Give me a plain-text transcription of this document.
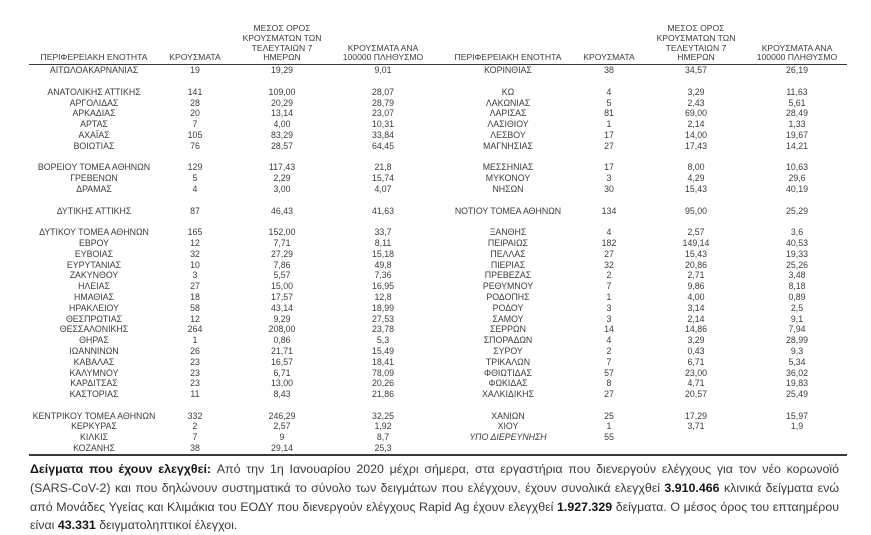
ΠΕΡΙΦΕΡΕΙΑΚΗ ΕΝΟΤΗΤΑ	ΚΡΟΥΣΜΑΤΑ	ΜΕΣΟΣ ΟΡΟΣ ΚΡΟΥΣΜΑΤΩΝ ΤΩΝ ΤΕΛΕΥΤΑΙΩΝ 7 ΗΜΕΡΩΝ	ΚΡΟΥΣΜΑΤΑ ΑΝΑ 100000 ΠΛΗΘΥΣΜΟ		ΠΕΡΙΦΕΡΕΙΑΚΗ ΕΝΟΤΗΤΑ	ΚΡΟΥΣΜΑΤΑ	ΜΕΣΟΣ ΟΡΟΣ ΚΡΟΥΣΜΑΤΩΝ ΤΩΝ ΤΕΛΕΥΤΑΙΩΝ 7 ΗΜΕΡΩΝ	ΚΡΟΥΣΜΑΤΑ ΑΝΑ 100000 ΠΛΗΘΥΣΜΟ
ΑΙΤΩΛΟΑΚΑΡΝΑΝΙΑΣ	19	19,29	9,01		ΚΟΡΙΝΘΙΑΣ	38	34,57	26,19

ΑΝΑΤΟΛΙΚΗΣ ΑΤΤΙΚΗΣ	141	109,00	28,07		ΚΩ	4	3,29	11,63
ΑΡΓΟΛΙΔΑΣ	28	20,29	28,79		ΛΑΚΩΝΙΑΣ	5	2,43	5,61
ΑΡΚΑΔΙΑΣ	20	13,14	23,07		ΛΑΡΙΣΑΣ	81	69,00	28,49
ΑΡΤΑΣ	7	4,00	10,31		ΛΑΣΙΘΙΟΥ	1	2,14	1,33
ΑΧΑΪΑΣ	105	83,29	33,84		ΛΕΣΒΟΥ	17	14,00	19,67
ΒΟΙΩΤΙΑΣ	76	28,57	64,45		ΜΑΓΝΗΣΙΑΣ	27	17,43	14,21

ΒΟΡΕΙΟΥ ΤΟΜΕΑ ΑΘΗΝΩΝ	129	117,43	21,8		ΜΕΣΣΗΝΙΑΣ	17	8,00	10,63
ΓΡΕΒΕΝΩΝ	5	2,29	15,74		ΜΥΚΟΝΟΥ	3	4,29	29,6
ΔΡΑΜΑΣ	4	3,00	4,07		ΝΗΣΩΝ	30	15,43	40,19

ΔΥΤΙΚΗΣ ΑΤΤΙΚΗΣ	87	46,43	41,63		ΝΟΤΙΟΥ ΤΟΜΕΑ ΑΘΗΝΩΝ	134	95,00	25,29

ΔΥΤΙΚΟΥ ΤΟΜΕΑ ΑΘΗΝΩΝ	165	152,00	33,7		ΞΑΝΘΗΣ	4	2,57	3,6
ΕΒΡΟΥ	12	7,71	8,11		ΠΕΙΡΑΙΩΣ	182	149,14	40,53
ΕΥΒΟΙΑΣ	32	27,29	15,18		ΠΕΛΛΑΣ	27	15,43	19,33
ΕΥΡΥΤΑΝΙΑΣ	10	7,86	49,8		ΠΙΕΡΙΑΣ	32	20,86	25,26
ΖΑΚΥΝΘΟΥ	3	5,57	7,36		ΠΡΕΒΕΖΑΣ	2	2,71	3,48
ΗΛΕΙΑΣ	27	15,00	16,95		ΡΕΘΥΜΝΟΥ	7	9,86	8,18
ΗΜΑΘΙΑΣ	18	17,57	12,8		ΡΟΔΟΠΗΣ	1	4,00	0,89
ΗΡΑΚΛΕΙΟΥ	58	43,14	18,99		ΡΟΔΟΥ	3	3,14	2,5
ΘΕΣΠΡΩΤΙΑΣ	12	9,29	27,53		ΣΑΜΟΥ	3	2,14	9,1
ΘΕΣΣΑΛΟΝΙΚΗΣ	264	208,00	23,78		ΣΕΡΡΩΝ	14	14,86	7,94
ΘΗΡΑΣ	1	0,86	5,3		ΣΠΟΡΑΔΩΝ	4	3,29	28,99
ΙΩΑΝΝΙΝΩΝ	26	21,71	15,49		ΣΥΡΟΥ	2	0,43	9,3
ΚΑΒΑΛΑΣ	23	16,57	18,41		ΤΡΙΚΑΛΩΝ	7	6,71	5,34
ΚΑΛΥΜΝΟΥ	23	6,71	78,09		ΦΘΙΩΤΙΔΑΣ	57	23,00	36,02
ΚΑΡΔΙΤΣΑΣ	23	13,00	20,26		ΦΩΚΙΔΑΣ	8	4,71	19,83
ΚΑΣΤΟΡΙΑΣ	11	8,43	21,86		ΧΑΛΚΙΔΙΚΗΣ	27	20,57	25,49

ΚΕΝΤΡΙΚΟΥ ΤΟΜΕΑ ΑΘΗΝΩΝ	332	246,29	32,25		ΧΑΝΙΩΝ	25	17,29	15,97
ΚΕΡΚΥΡΑΣ	2	2,57	1,92		ΧΙΟΥ	1	3,71	1,9
ΚΙΛΚΙΣ	7	9	8,7		ΥΠΟ ΔΙΕΡΕΥΝΗΣΗ	55		
ΚΟΖΑΝΗΣ	38	29,14	25,3					

Δείγματα που έχουν ελεγχθεί: Από την 1η Ιανουαρίου 2020 μέχρι σήμερα, στα εργαστήρια που διενεργούν ελέγχους για τον νέο κορωνοϊό (SARS-CoV-2) και που δηλώνουν συστηματικά το σύνολο των δειγμάτων που ελέγχουν, έχουν συνολικά ελεγχθεί 3.910.466 κλινικά δείγματα ενώ από Μονάδες Υγείας και Κλιμάκια του ΕΟΔΥ που διενεργούν ελέγχους Rapid Ag έχουν ελεγχθεί 1.927.329 δείγματα. Ο μέσος όρος του επταημέρου είναι 43.331 δειγματοληπτικοί έλεγχοι.
